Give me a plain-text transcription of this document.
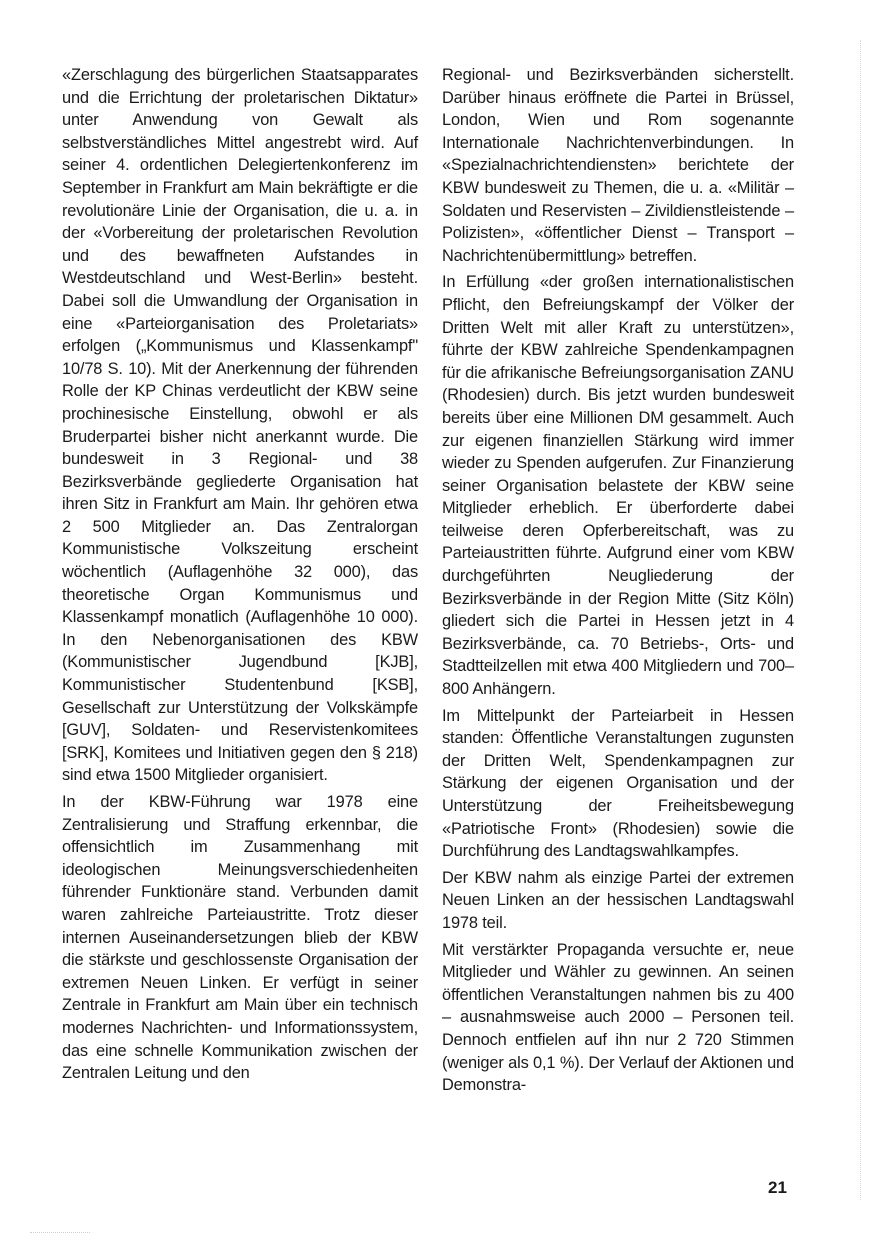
«Zerschlagung des bürgerlichen Staatsapparates und die Errichtung der proletarischen Diktatur» unter Anwendung von Gewalt als selbstverständliches Mittel angestrebt wird. Auf seiner 4. ordentlichen Delegiertenkonferenz im September in Frankfurt am Main bekräftigte er die revolutionäre Linie der Organisation, die u. a. in der «Vorbereitung der proletarischen Revolution und des bewaffneten Aufstandes in Westdeutschland und West-Berlin» besteht. Dabei soll die Umwandlung der Organisation in eine «Parteiorganisation des Proletariats» erfolgen („Kommunismus und Klassenkampf" 10/78 S. 10). Mit der Anerkennung der führenden Rolle der KP Chinas verdeutlicht der KBW seine prochinesische Einstellung, obwohl er als Bruderpartei bisher nicht anerkannt wurde. Die bundesweit in 3 Regional- und 38 Bezirksverbände gegliederte Organisation hat ihren Sitz in Frankfurt am Main. Ihr gehören etwa 2 500 Mitglieder an. Das Zentralorgan Kommunistische Volkszeitung erscheint wöchentlich (Auflagenhöhe 32 000), das theoretische Organ Kommunismus und Klassenkampf monatlich (Auflagenhöhe 10 000). In den Nebenorganisationen des KBW (Kommunistischer Jugendbund [KJB], Kommunistischer Studentenbund [KSB], Gesellschaft zur Unterstützung der Volkskämpfe [GUV], Soldaten- und Reservistenkomitees [SRK], Komitees und Initiativen gegen den § 218) sind etwa 1500 Mitglieder organisiert.

In der KBW-Führung war 1978 eine Zentralisierung und Straffung erkennbar, die offensichtlich im Zusammenhang mit ideologischen Meinungsverschiedenheiten führender Funktionäre stand. Verbunden damit waren zahlreiche Parteiaustritte. Trotz dieser internen Auseinandersetzungen blieb der KBW die stärkste und geschlossenste Organisation der extremen Neuen Linken. Er verfügt in seiner Zentrale in Frankfurt am Main über ein technisch modernes Nachrichten- und Informationssystem, das eine schnelle Kommunikation zwischen der Zentralen Leitung und den

Regional- und Bezirksverbänden sicherstellt. Darüber hinaus eröffnete die Partei in Brüssel, London, Wien und Rom sogenannte Internationale Nachrichtenverbindungen. In «Spezialnachrichtendiensten» berichtete der KBW bundesweit zu Themen, die u. a. «Militär – Soldaten und Reservisten – Zivildienstleistende – Polizisten», «öffentlicher Dienst – Transport – Nachrichtenübermittlung» betreffen.

In Erfüllung «der großen internationalistischen Pflicht, den Befreiungskampf der Völker der Dritten Welt mit aller Kraft zu unterstützen», führte der KBW zahlreiche Spendenkampagnen für die afrikanische Befreiungsorganisation ZANU (Rhodesien) durch. Bis jetzt wurden bundesweit bereits über eine Millionen DM gesammelt. Auch zur eigenen finanziellen Stärkung wird immer wieder zu Spenden aufgerufen. Zur Finanzierung seiner Organisation belastete der KBW seine Mitglieder erheblich. Er überforderte dabei teilweise deren Opferbereitschaft, was zu Parteiaustritten führte. Aufgrund einer vom KBW durchgeführten Neugliederung der Bezirksverbände in der Region Mitte (Sitz Köln) gliedert sich die Partei in Hessen jetzt in 4 Bezirksverbände, ca. 70 Betriebs-, Orts- und Stadtteilzellen mit etwa 400 Mitgliedern und 700–800 Anhängern.

Im Mittelpunkt der Parteiarbeit in Hessen standen: Öffentliche Veranstaltungen zugunsten der Dritten Welt, Spendenkampagnen zur Stärkung der eigenen Organisation und der Unterstützung der Freiheitsbewegung «Patriotische Front» (Rhodesien) sowie die Durchführung des Landtagswahlkampfes.

Der KBW nahm als einzige Partei der extremen Neuen Linken an der hessischen Landtagswahl 1978 teil.

Mit verstärkter Propaganda versuchte er, neue Mitglieder und Wähler zu gewinnen. An seinen öffentlichen Veranstaltungen nahmen bis zu 400 – ausnahmsweise auch 2000 – Personen teil. Dennoch entfielen auf ihn nur 2 720 Stimmen (weniger als 0,1 %). Der Verlauf der Aktionen und Demonstra-

21
